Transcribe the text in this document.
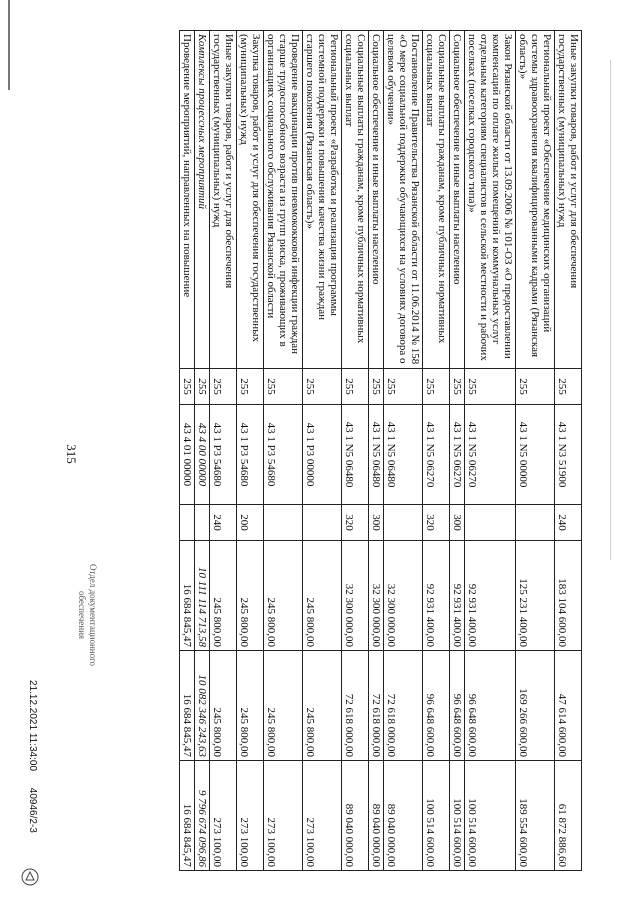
Иные закупки товаров, работ и услуг для обеспечения государственных (муниципальных) нужд	255	43 1 N3 51900	240	183 104 600,00	47 614 600,00	61 872 886,60
Региональный проект «Обеспечение медицинских организаций системы здравоохранения квалифицированными кадрами (Рязанская область)»	255	43 1 N5 00000		125 231 400,00	169 266 600,00	189 554 600,00
Закон Рязанской области от 13.09.2006 № 101-ОЗ «О предоставлении компенсаций по оплате жилых помещений и коммунальных услуг отдельным категориям специалистов в сельской местности и рабочих поселках (поселках городского типа)»	255	43 1 N5 06270		92 931 400,00	96 648 600,00	100 514 600,00
Социальное обеспечение и иные выплаты населению	255	43 1 N5 06270	300	92 931 400,00	96 648 600,00	100 514 600,00
Социальные выплаты гражданам, кроме публичных нормативных социальных выплат	255	43 1 N5 06270	320	92 931 400,00	96 648 600,00	100 514 600,00
Постановление Правительства Рязанской области от 11.06.2014 № 158 «О мере социальной поддержки обучающихся на условиях договора о целевом обучении»	255	43 1 N5 06480		32 300 000,00	72 618 000,00	89 040 000,00
Социальное обеспечение и иные выплаты населению	255	43 1 N5 06480	300	32 300 000,00	72 618 000,00	89 040 000,00
Социальные выплаты гражданам, кроме публичных нормативных социальных выплат	255	43 1 N5 06480	320	32 300 000,00	72 618 000,00	89 040 000,00
Региональный проект «Разработка и реализация программы системной поддержки и повышения качества жизни граждан старшего поколения (Рязанская область)»	255	43 1 P3 00000		245 800,00	245 800,00	273 100,00
Проведение вакцинации против пневмококковой инфекции граждан старше трудоспособного возраста из групп риска, проживающих в организациях социального обслуживания Рязанской области	255	43 1 P3 54680		245 800,00	245 800,00	273 100,00
Закупка товаров, работ и услуг для обеспечения государственных (муниципальных) нужд	255	43 1 P3 54680	200	245 800,00	245 800,00	273 100,00
Иные закупки товаров, работ и услуг для обеспечения государственных (муниципальных) нужд	255	43 1 P3 54680	240	245 800,00	245 800,00	273 100,00
Комплексы процессных мероприятий	255	43 4 00 00000		10 111 114 713,58	10 082 346 243,63	9 796 674 096,86
Проведение мероприятий, направленных на повышение	255	43 4 01 00000		16 684 845,47	16 684 845,47	16 684 845,47
315
Отдел документационного
обеспечения
21.12.2021 11:34:00 40946/2-3
